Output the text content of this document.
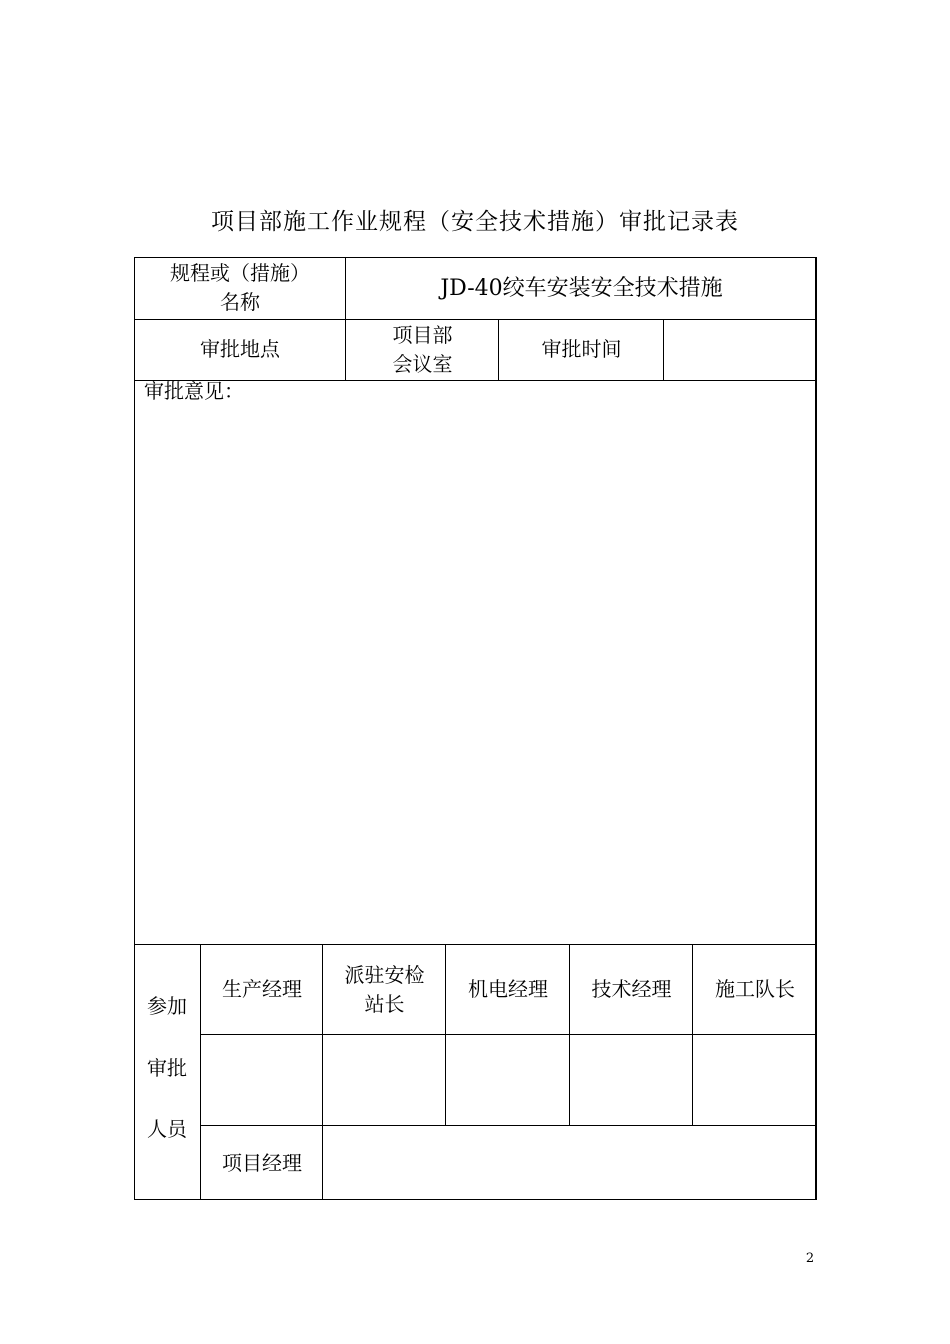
项目部施工作业规程（安全技术措施）审批记录表
规程或（措施）
名称
JD-40绞车安装安全技术措施
审批地点
项目部
会议室
审批时间
审批意见：
参加
审批
人员
生产经理
派驻安检
站长
机电经理 技术经理 施工队长
项目经理
2
